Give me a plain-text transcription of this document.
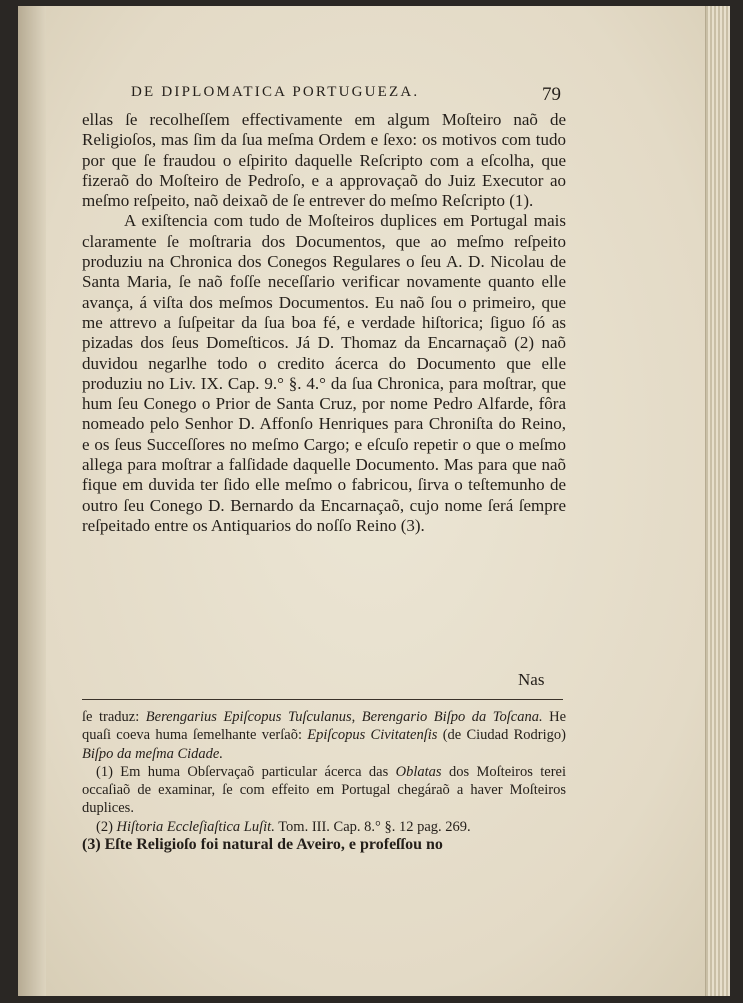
DE DIPLOMATICA PORTUGUEZA.	79

ellas ſe recolheſſem effectivamente em algum Moſteiro naõ de Religioſos, mas ſim da ſua meſma Ordem e ſexo: os motivos com tudo por que ſe fraudou o eſpirito daquelle Reſcripto com a eſcolha, que fizeraõ do Moſteiro de Pedroſo, e a approvaçaõ do Juiz Executor ao meſmo reſpeito, naõ deixaõ de ſe entrever do meſmo Reſcripto (1).

A exiſtencia com tudo de Moſteiros duplices em Portugal mais claramente ſe moſtraria dos Documentos, que ao meſmo reſpeito produziu na Chronica dos Conegos Regulares o ſeu A. D. Nicolau de Santa Maria, ſe naõ foſſe neceſſario verificar novamente quanto elle avança, á viſta dos meſmos Documentos. Eu naõ ſou o primeiro, que me attrevo a ſuſpeitar da ſua boa fé, e verdade hiſtorica; ſiguo ſó as pizadas dos ſeus Domeſticos. Já D. Thomaz da Encarnaçaõ (2) naõ duvidou negarlhe todo o credito ácerca do Documento que elle produziu no Liv. IX. Cap. 9.° §. 4.° da ſua Chronica, para moſtrar, que hum ſeu Conego o Prior de Santa Cruz, por nome Pedro Alfarde, fôra nomeado pelo Senhor D. Affonſo Henriques para Chroniſta do Reino, e os ſeus Succeſſores no meſmo Cargo; e eſcuſo repetir o que o meſmo allega para moſtrar a falſidade daquelle Documento. Mas para que naõ fique em duvida ter ſido elle meſmo o fabricou, ſirva o teſtemunho de outro ſeu Conego D. Bernardo da Encarnaçaõ, cujo nome ſerá ſempre reſpeitado entre os Antiquarios do noſſo Reino (3).

Nas

ſe traduz: Berengarius Epiſcopus Tuſculanus, Berengario Biſpo da Toſcana. He quaſi coeva huma ſemelhante verſaõ: Epiſcopus Civitatenſis (de Ciudad Rodrigo) Biſpo da meſma Cidade.

(1) Em huma Obſervaçaõ particular ácerca das Oblatas dos Moſteiros terei occaſiaõ de examinar, ſe com effeito em Portugal chegáraõ a haver Moſteiros duplices.

(2) Hiſtoria Eccleſiaſtica Luſit. Tom. III. Cap. 8.° §. 12 pag. 269.

(3) Eſte Religioſo foi natural de Aveiro, e profeſſou no
